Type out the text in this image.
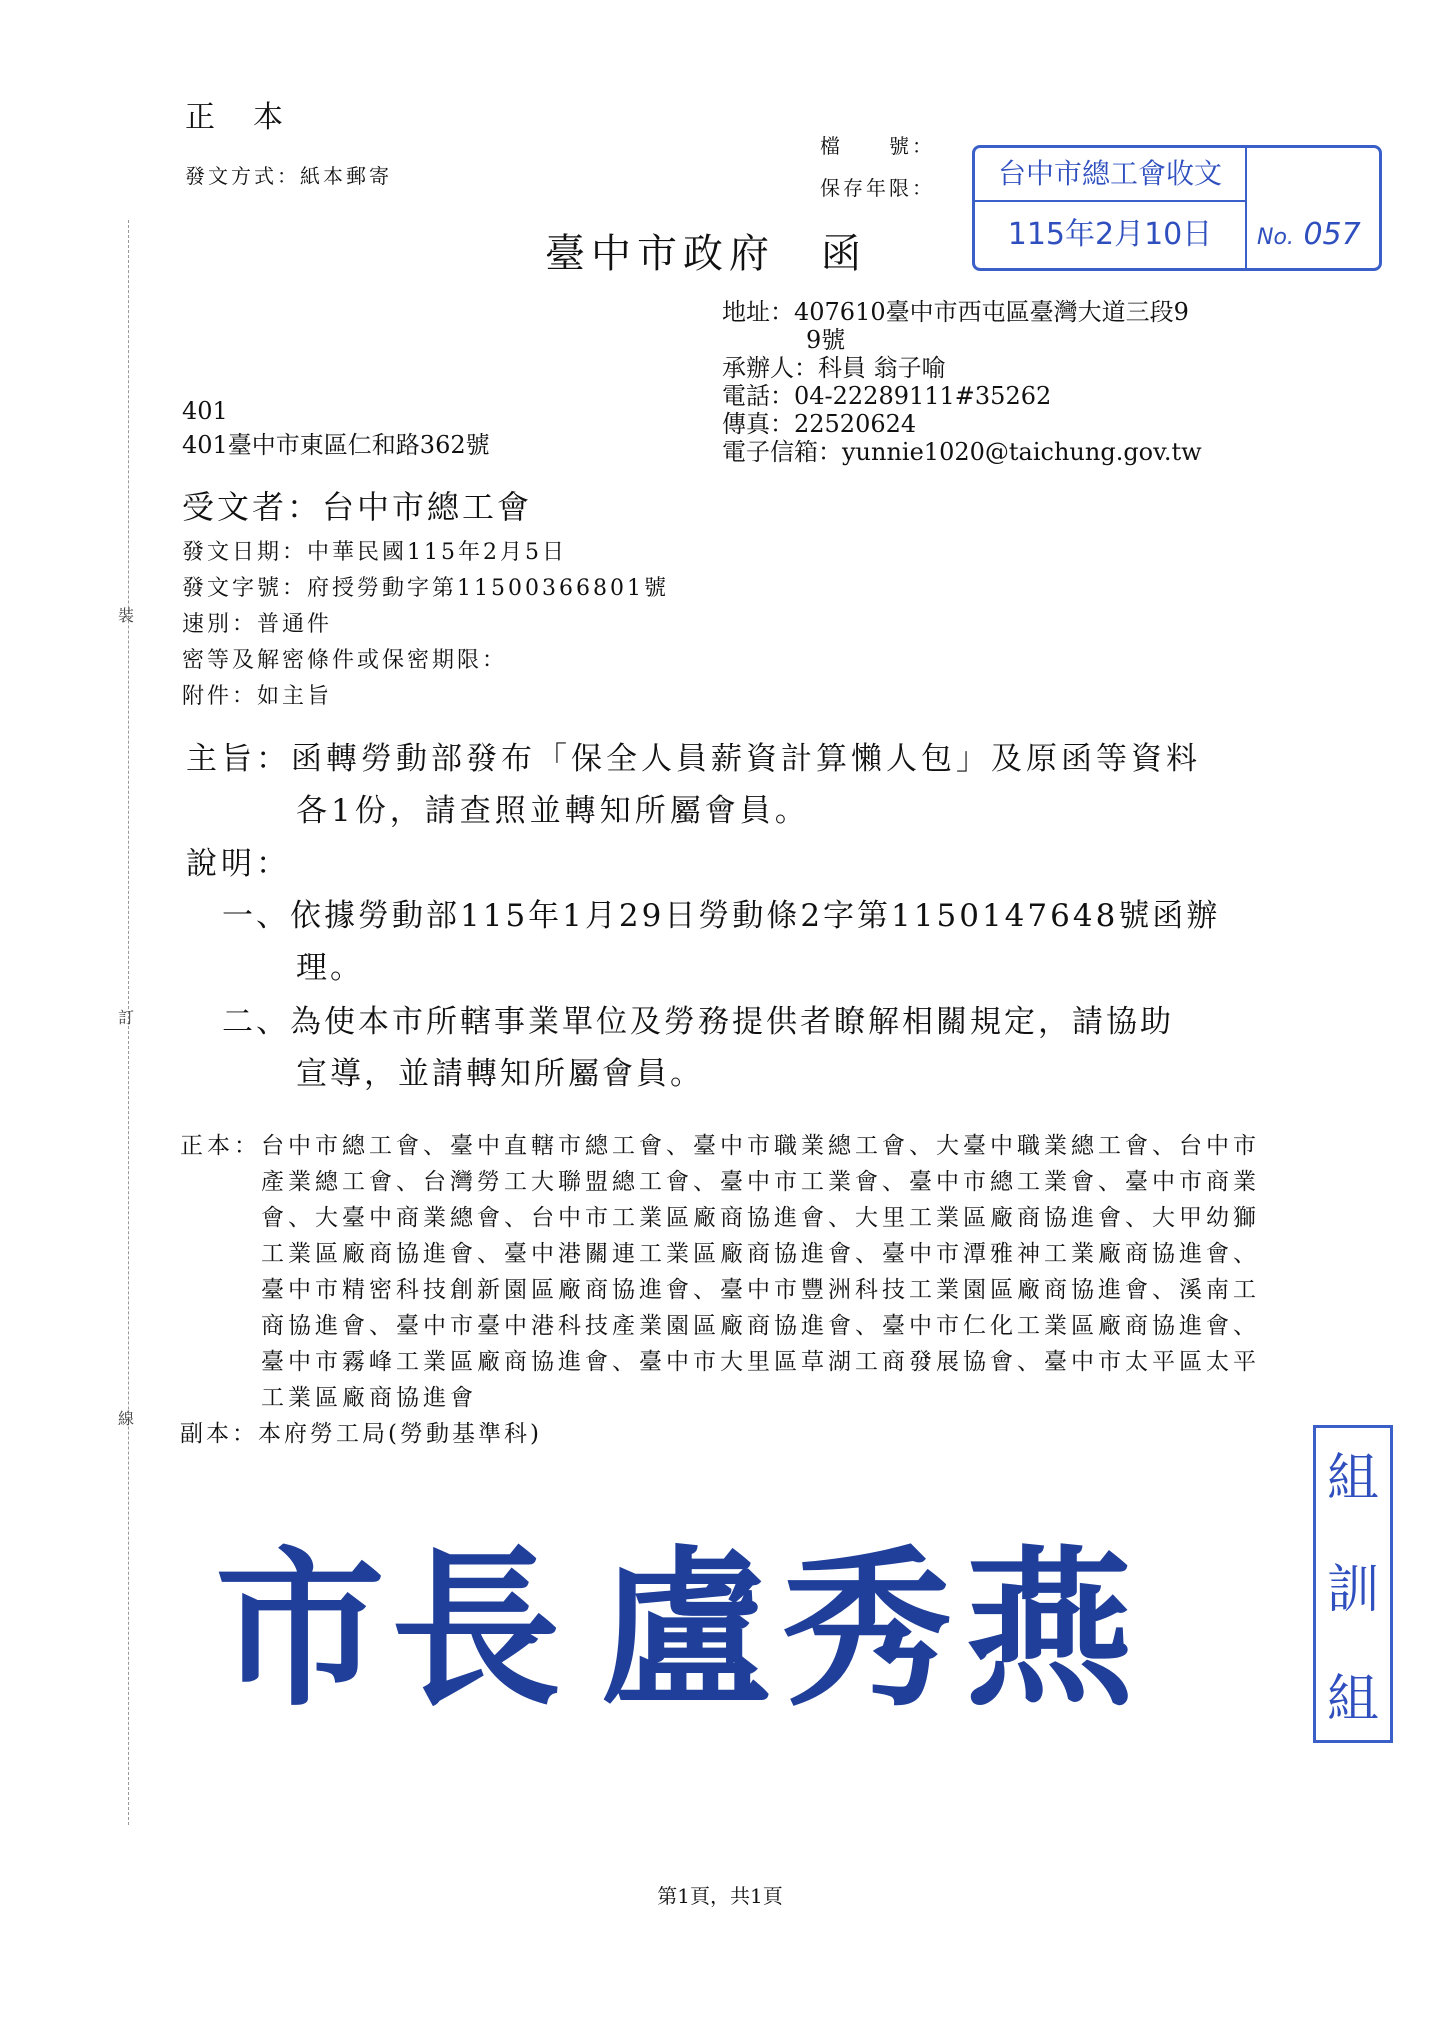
裝
訂
線
正　本
發文方式：紙本郵寄
檔　　號：
保存年限：	台中市總工會收文
115年2月10日	No. 057
臺中市政府　函
地址：407610臺中市西屯區臺灣大道三段9
9號
承辦人：科員 翁子喻
電話：04-22289111#35262
傳真：22520624
電子信箱：yunnie1020@taichung.gov.tw
401
401臺中市東區仁和路362號
受文者：台中市總工會
發文日期：中華民國115年2月5日
發文字號：府授勞動字第11500366801號
速別：普通件
密等及解密條件或保密期限：
附件：如主旨
主旨：函轉勞動部發布「保全人員薪資計算懶人包」及原函等資料
各1份，請查照並轉知所屬會員。
說明：
一、依據勞動部115年1月29日勞動條2字第1150147648號函辦
理。
二、為使本市所轄事業單位及勞務提供者瞭解相關規定，請協助
宣導，並請轉知所屬會員。
正本： 台中市總工會、臺中直轄市總工會、臺中市職業總工會、大臺中職業總工會、台中市產業總工會、台灣勞工大聯盟總工會、臺中市工業會、臺中市總工業會、臺中市商業會、大臺中商業總會、台中市工業區廠商協進會、大里工業區廠商協進會、大甲幼獅工業區廠商協進會、臺中港關連工業區廠商協進會、臺中市潭雅神工業廠商協進會、臺中市精密科技創新園區廠商協進會、臺中市豐洲科技工業園區廠商協進會、溪南工商協進會、臺中市臺中港科技產業園區廠商協進會、臺中市仁化工業區廠商協進會、臺中市霧峰工業區廠商協進會、臺中市大里區草湖工商發展協會、臺中市太平區太平工業區廠商協進會
副本：本府勞工局(勞動基準科)
市長 盧秀燕
組
訓
組
第1頁，共1頁
